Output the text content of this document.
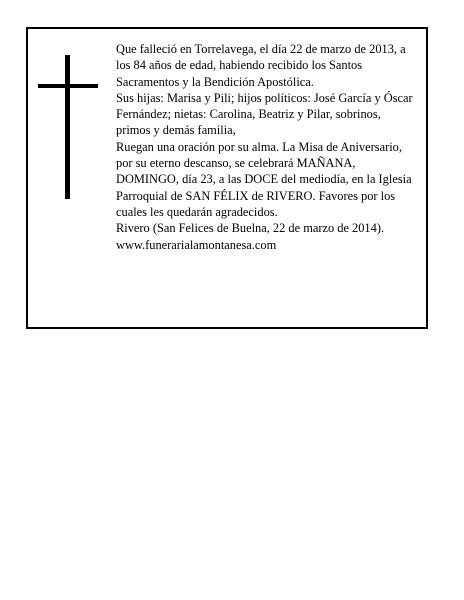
Que falleció en Torrelavega, el día 22 de marzo de 2013, a los 84 años de edad, habiendo recibido los Santos Sacramentos y la Bendición Apostólica.

Sus hijas: Marisa y Pili; hijos políticos: José García y Óscar Fernández; nietas: Carolina, Beatriz y Pilar, sobrinos, primos y demás familia,

Ruegan una oración por su alma. La Misa de Aniversario, por su eterno descanso, se celebrará MAÑANA, DOMINGO, día 23, a las DOCE del mediodía, en la Iglesia Parroquial de SAN FÉLIX de RIVERO. Favores por los cuales les quedarán agradecidos.

Rivero (San Felices de Buelna, 22 de marzo de 2014).

www.funerarialamontanesa.com
